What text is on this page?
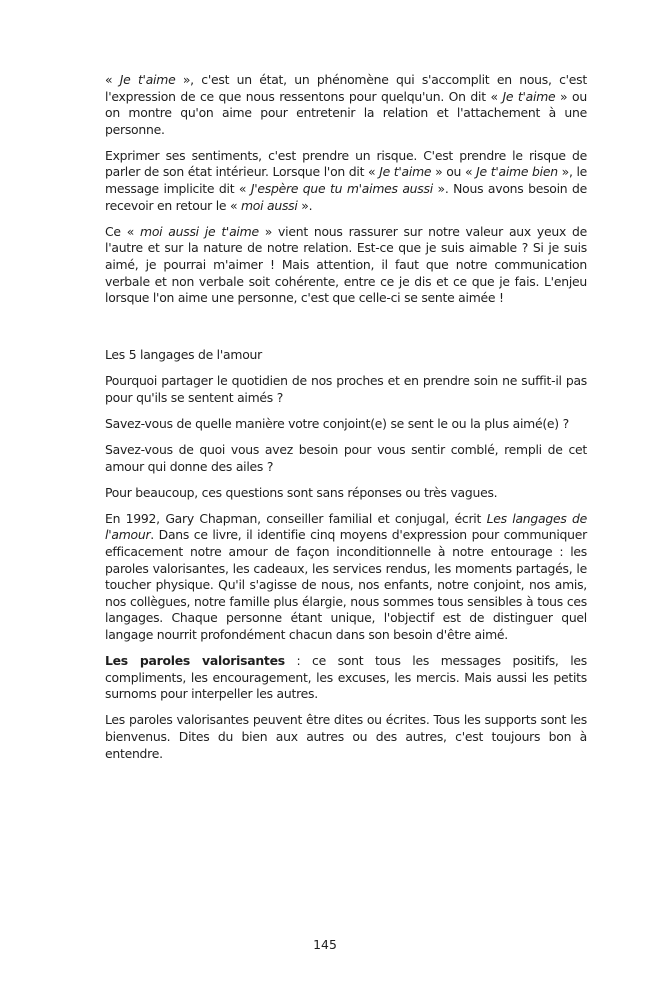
« Je t'aime », c'est un état, un phénomène qui s'accomplit en nous, c'est l'expression de ce que nous ressentons pour quelqu'un. On dit « Je t'aime » ou on montre qu'on aime pour entretenir la relation et l'attachement à une personne.

Exprimer ses sentiments, c'est prendre un risque. C'est prendre le risque de parler de son état intérieur. Lorsque l'on dit « Je t'aime » ou « Je t'aime bien », le message implicite dit « J'espère que tu m'aimes aussi ». Nous avons besoin de recevoir en retour le « moi aussi ».

Ce « moi aussi je t'aime » vient nous rassurer sur notre valeur aux yeux de l'autre et sur la nature de notre relation. Est-ce que je suis aimable ? Si je suis aimé, je pourrai m'aimer ! Mais attention, il faut que notre communication verbale et non verbale soit cohérente, entre ce je dis et ce que je fais. L'enjeu lorsque l'on aime une personne, c'est que celle-ci se sente aimée !

Les 5 langages de l'amour

Pourquoi partager le quotidien de nos proches et en prendre soin ne suffit-il pas pour qu'ils se sentent aimés ?

Savez-vous de quelle manière votre conjoint(e) se sent le ou la plus aimé(e) ?

Savez-vous de quoi vous avez besoin pour vous sentir comblé, rempli de cet amour qui donne des ailes ?

Pour beaucoup, ces questions sont sans réponses ou très vagues.

En 1992, Gary Chapman, conseiller familial et conjugal, écrit Les langages de l'amour. Dans ce livre, il identifie cinq moyens d'expression pour communiquer efficacement notre amour de façon inconditionnelle à notre entourage : les paroles valorisantes, les cadeaux, les services rendus, les moments partagés, le toucher physique. Qu'il s'agisse de nous, nos enfants, notre conjoint, nos amis, nos collègues, notre famille plus élargie, nous sommes tous sensibles à tous ces langages. Chaque personne étant unique, l'objectif est de distinguer quel langage nourrit profondément chacun dans son besoin d'être aimé.

Les paroles valorisantes : ce sont tous les messages positifs, les compliments, les encouragement, les excuses, les mercis. Mais aussi les petits surnoms pour interpeller les autres.

Les paroles valorisantes peuvent être dites ou écrites. Tous les supports sont les bienvenus. Dites du bien aux autres ou des autres, c'est toujours bon à entendre.

145
